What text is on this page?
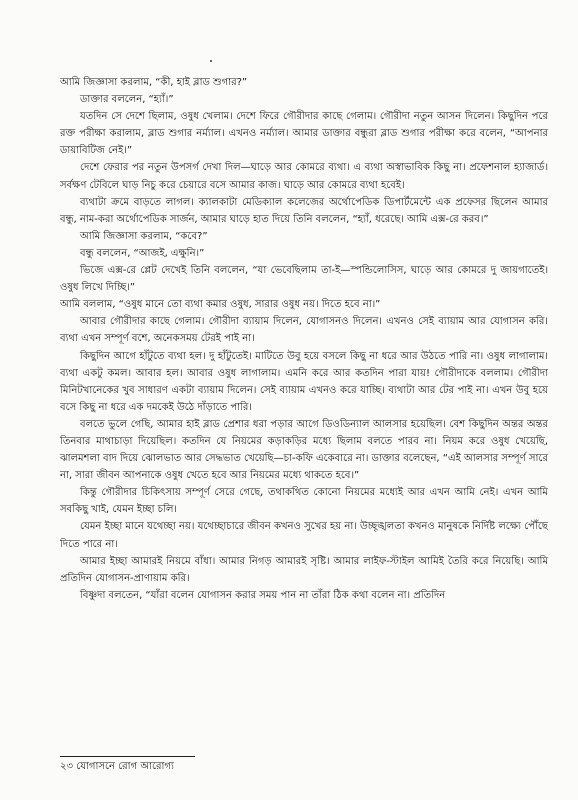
আমি জিজ্ঞাসা করলাম, “কী, হাই ব্লাড শুগার?”

ডাক্তার বললেন, “হ্যাঁ।”

যতদিন সে দেশে ছিলাম, ওষুধ খেলাম। দেশে ফিরে গৌরীদার কাছে গেলাম। গৌরীদা নতুন আসন দিলেন। কিছুদিন পরে রক্ত পরীক্ষা করালাম, ব্লাড শুগার নর্ম্যাল। এখনও নর্ম্যাল। আমার ডাক্তার বন্ধুরা ব্লাড শুগার পরীক্ষা করে বলেন, “আপনার ডায়াবিটিজ নেই।”

দেশে ফেরার পর নতুন উপসর্গ দেখা দিল—ঘাড়ে আর কোমরে ব্যথা। এ ব্যথা অস্বাভাবিক কিছু না। প্রফেশনাল হ্যাজার্ড। সর্বক্ষণ টেবিলে ঘাড় নিচু করে চেয়ারে বসে আমার কাজ। ঘাড়ে আর কোমরে ব্যথা হবেই।

ব্যথাটা ক্রমে বাড়তে লাগল। ক্যালকাটা মেডিক্যাল কলেজের অর্থোপেডিক ডিপার্টমেন্টে এক প্রফেসর ছিলেন আমার বন্ধু, নাম-করা অর্থোপেডিক সার্জন, আমার ঘাড়ে হাত দিয়ে তিনি বললেন, “হ্যাঁ, ধরেছে। আমি এক্স-রে করব।”

আমি জিজ্ঞাসা করলাম, “কবে?”

বন্ধু বললেন, “আজই, এক্ষুনি।”

ভিজে এক্স-রে প্লেট দেখেই তিনি বললেন, “যা ভেবেছিলাম তা-ই—স্পন্ডিলোসিস, ঘাড়ে আর কোমরে দু জায়গাতেই। ওষুধ লিখে দিচ্ছি।”

আমি বললাম, “ওষুধ মানে তো ব্যথা কমার ওষুধ, সারার ওষুধ নয়। দিতে হবে না।”

আবার গৌরীদার কাছে গেলাম। গৌরীদা ব্যায়াম দিলেন, যোগাসনও দিলেন। এখনও সেই ব্যায়াম আর যোগাসন করি। ব্যথা এখন সম্পূর্ণ বশে, অনেকসময় টেরই পাই না।

কিছুদিন আগে হাঁটুতে ব্যথা হল। দু হাঁটুতেই। মাটিতে উবু হয়ে বসলে কিছু না ধরে আর উঠতে পারি না। ওষুধ লাগালাম। ব্যথা একটু কমল। আবার হল। আবার ওষুধ লাগালাম। এমনি করে আর কতদিন পারা যায়! গৌরীদাকে বললাম। গৌরীদা মিনিটখানেকের খুব সাধারণ একটা ব্যায়াম দিলেন। সেই ব্যায়াম এখনও করে যাচ্ছি। ব্যথাটা আর টের পাই না। এখন উবু হয়ে বসে কিছু না ধরে এক দমকেই উঠে দাঁড়াতে পারি।

বলতে ভুলে গেছি, আমার হাই ব্লাড প্রেশার ধরা পড়ার আগে ডিওডিন্যাল আলসার হয়েছিল। বেশ কিছুদিন অন্তর অন্তর তিনবার মাথাচাড়া দিয়েছিল। কতদিন যে নিয়মের কড়াকড়ির মধ্যে ছিলাম বলতে পারব না। নিয়ম করে ওষুধ খেয়েছি, ঝালমশলা বাদ দিয়ে ঝোলভাত আর সেদ্ধভাত খেয়েছি—চা-কফি একেবারে না। ডাক্তার বলেছেন, “এই আলসার সম্পূর্ণ সারে না, সারা জীবন আপনাকে ওষুধ খেতে হবে আর নিয়মের মধ্যে থাকতে হবে।”

কিন্তু গৌরীদার চিকিৎসায় সম্পূর্ণ সেরে গেছে, তথাকথিত কোনো নিয়মের মধ্যেই আর এখন আমি নেই। এখন আমি সবকিছু খাই, যেমন ইচ্ছা চলি।

যেমন ইচ্ছা মানে যথেচ্ছা নয়। যথেচ্ছাচারে জীবন কখনও সুখের হয় না। উচ্ছৃঙ্খলতা কখনও মানুষকে নির্দিষ্ট লক্ষ্যে পৌঁছে দিতে পারে না।

আমার ইচ্ছা আমারই নিয়মে বাঁধা। আমার নিগড় আমারই সৃষ্টি। আমার লাইফ-স্টাইল আমিই তৈরি করে নিয়েছি। আমি প্রতিদিন যোগাসন-প্রাণায়াম করি।

বিষ্ণুদা বলতেন, “যাঁরা বলেন যোগাসন করার সময় পান না তাঁরা ঠিক কথা বলেন না। প্রতিদিন

২৩ যোগাসনে রোগ আরোগ্য
